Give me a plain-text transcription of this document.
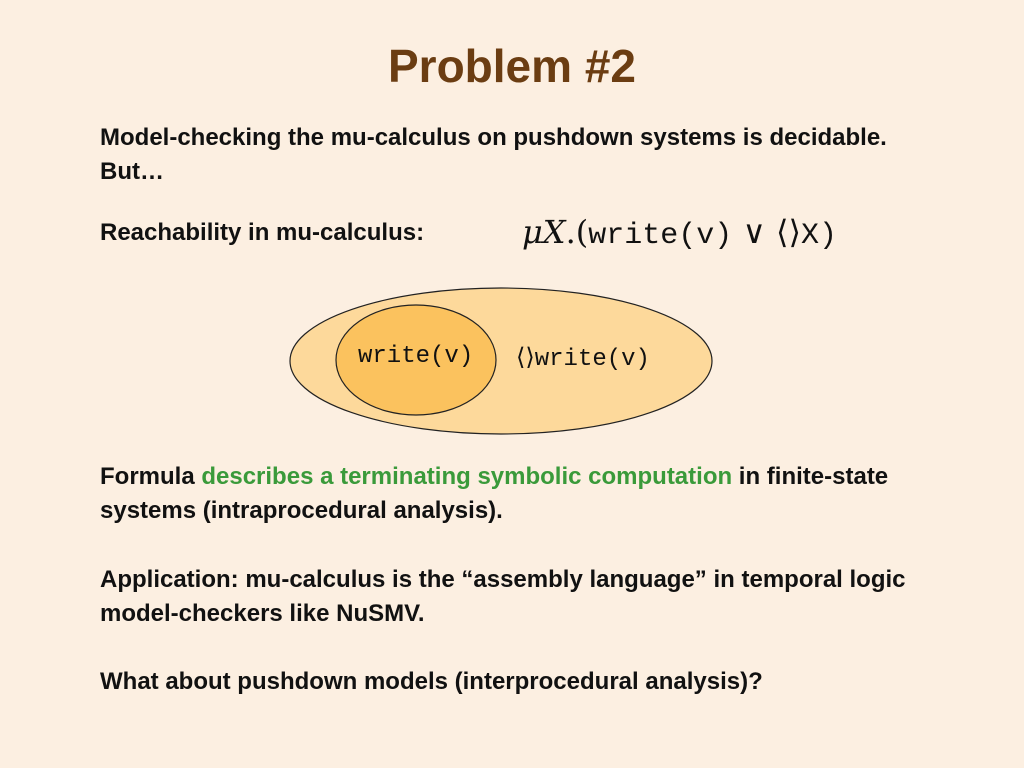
Problem #2

Model-checking the mu-calculus on pushdown systems is decidable. But…

Reachability in mu-calculus:	μX.(write(v) ∨ ⟨⟩X)
write(v) ⟨⟩write(v)

Formula describes a terminating symbolic computation in finite-state systems (intraprocedural analysis).

Application: mu-calculus is the “assembly language” in temporal logic model-checkers like NuSMV.

What about pushdown models (interprocedural analysis)?
